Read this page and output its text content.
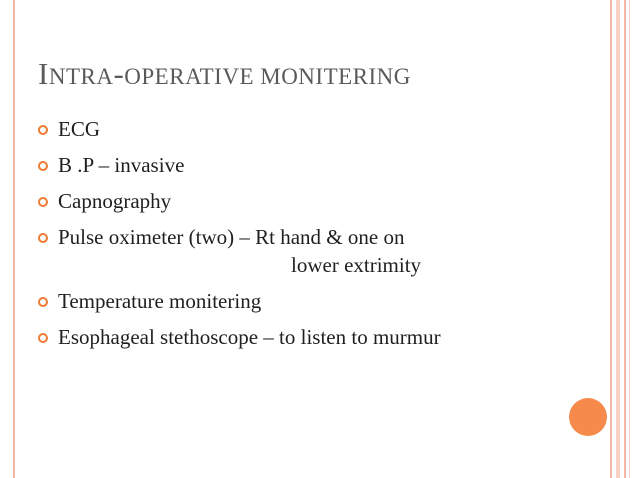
INTRA-OPERATIVE MONITERING
ECG
B .P – invasive
Capnography
Pulse oximeter (two) – Rt hand & one on
lower extrimity
Temperature monitering
Esophageal stethoscope – to listen to murmur
